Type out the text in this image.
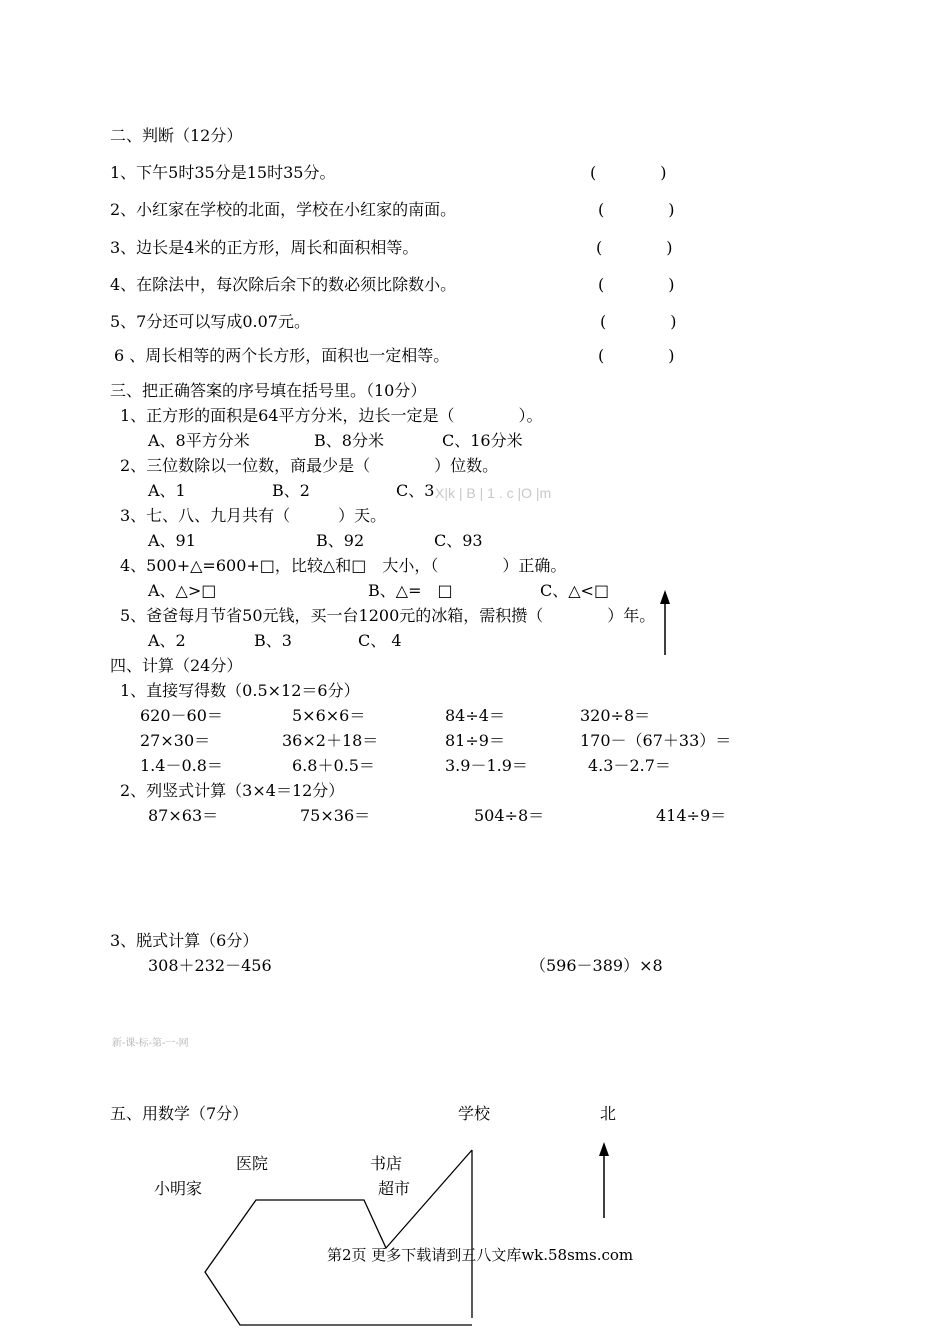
二、判断（12分）
1、下午5时35分是15时35分。	(　　　　)
2、小红家在学校的北面，学校在小红家的南面。	(　　　　)
3、边长是4米的正方形，周长和面积相等。	(　　　　)
4、在除法中，每次除后余下的数必须比除数小。	(　　　　)
5、7分还可以写成0.07元。	(　　　　)
6 、周长相等的两个长方形，面积也一定相等。	(　　　　)
三、把正确答案的序号填在括号里。（10分）
1、正方形的面积是64平方分米，边长一定是（　　　　）。
A、8平方分米	B、8分米	C、16分米
2、三位数除以一位数，商最少是（　　　　）位数。
A、1	B、2	C、3 X|k | B | 1 . c |O |m
3、七、八、九月共有（　　　）天。
A、91	B、92	C、93
4、500+△=600+□，比较△和□　大小，（　　　　）正确。
A、△>□	B、△=　□	C、△<□
5、爸爸每月节省50元钱，买一台1200元的冰箱，需积攒（　　　　）年。
A、2	B、3	C、 4
四、计算（24分）
1、直接写得数（0.5×12＝6分）
620－60＝	5×6×6＝	84÷4＝	320÷8＝
27×30＝	36×2＋18＝	81÷9＝	170－（67＋33）＝
1.4－0.8＝	6.8＋0.5＝	3.9－1.9＝	4.3－2.7＝
2、列竖式计算（3×4＝12分）
87×63＝	75×36＝	504÷8＝	414÷9＝
3、脱式计算（6分）
308＋232－456	（596－389）×8
新-课-标-第-一-网
五、用数学（7分）	学校	北
医院	书店
小明家	超市
第2页 更多下载请到五八文库wk.58sms.com
